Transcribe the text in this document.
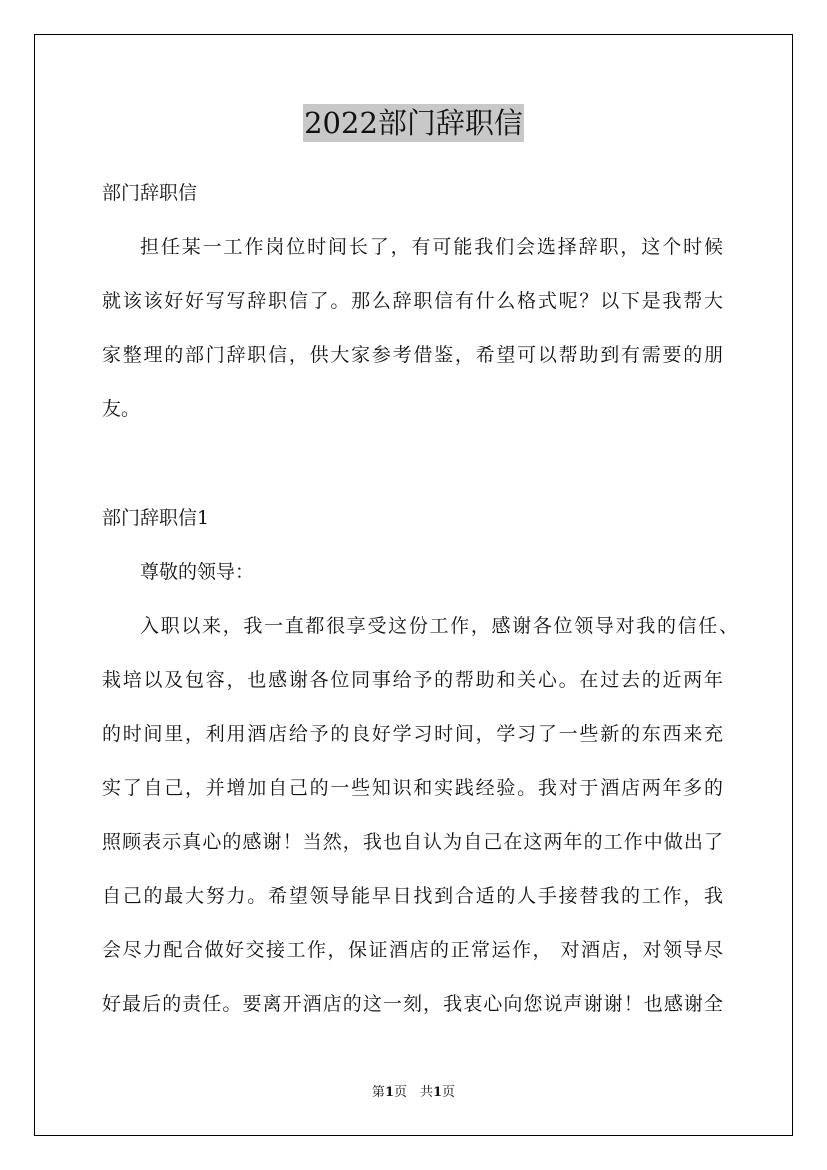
2022部门辞职信

部门辞职信

担任某一工作岗位时间长了，有可能我们会选择辞职，这个时候

就该该好好写写辞职信了。那么辞职信有什么格式呢？以下是我帮大

家整理的部门辞职信，供大家参考借鉴，希望可以帮助到有需要的朋

友。

部门辞职信1

尊敬的领导：

入职以来，我一直都很享受这份工作，感谢各位领导对我的信任、

栽培以及包容，也感谢各位同事给予的帮助和关心。在过去的近两年

的时间里，利用酒店给予的良好学习时间，学习了一些新的东西来充

实了自己，并增加自己的一些知识和实践经验。我对于酒店两年多的

照顾表示真心的感谢！当然，我也自认为自己在这两年的工作中做出了

自己的最大努力。希望领导能早日找到合适的人手接替我的工作，我

会尽力配合做好交接工作，保证酒店的正常运作， 对酒店，对领导尽

好最后的责任。要离开酒店的这一刻，我衷心向您说声谢谢！也感谢全

第1页　共1页
